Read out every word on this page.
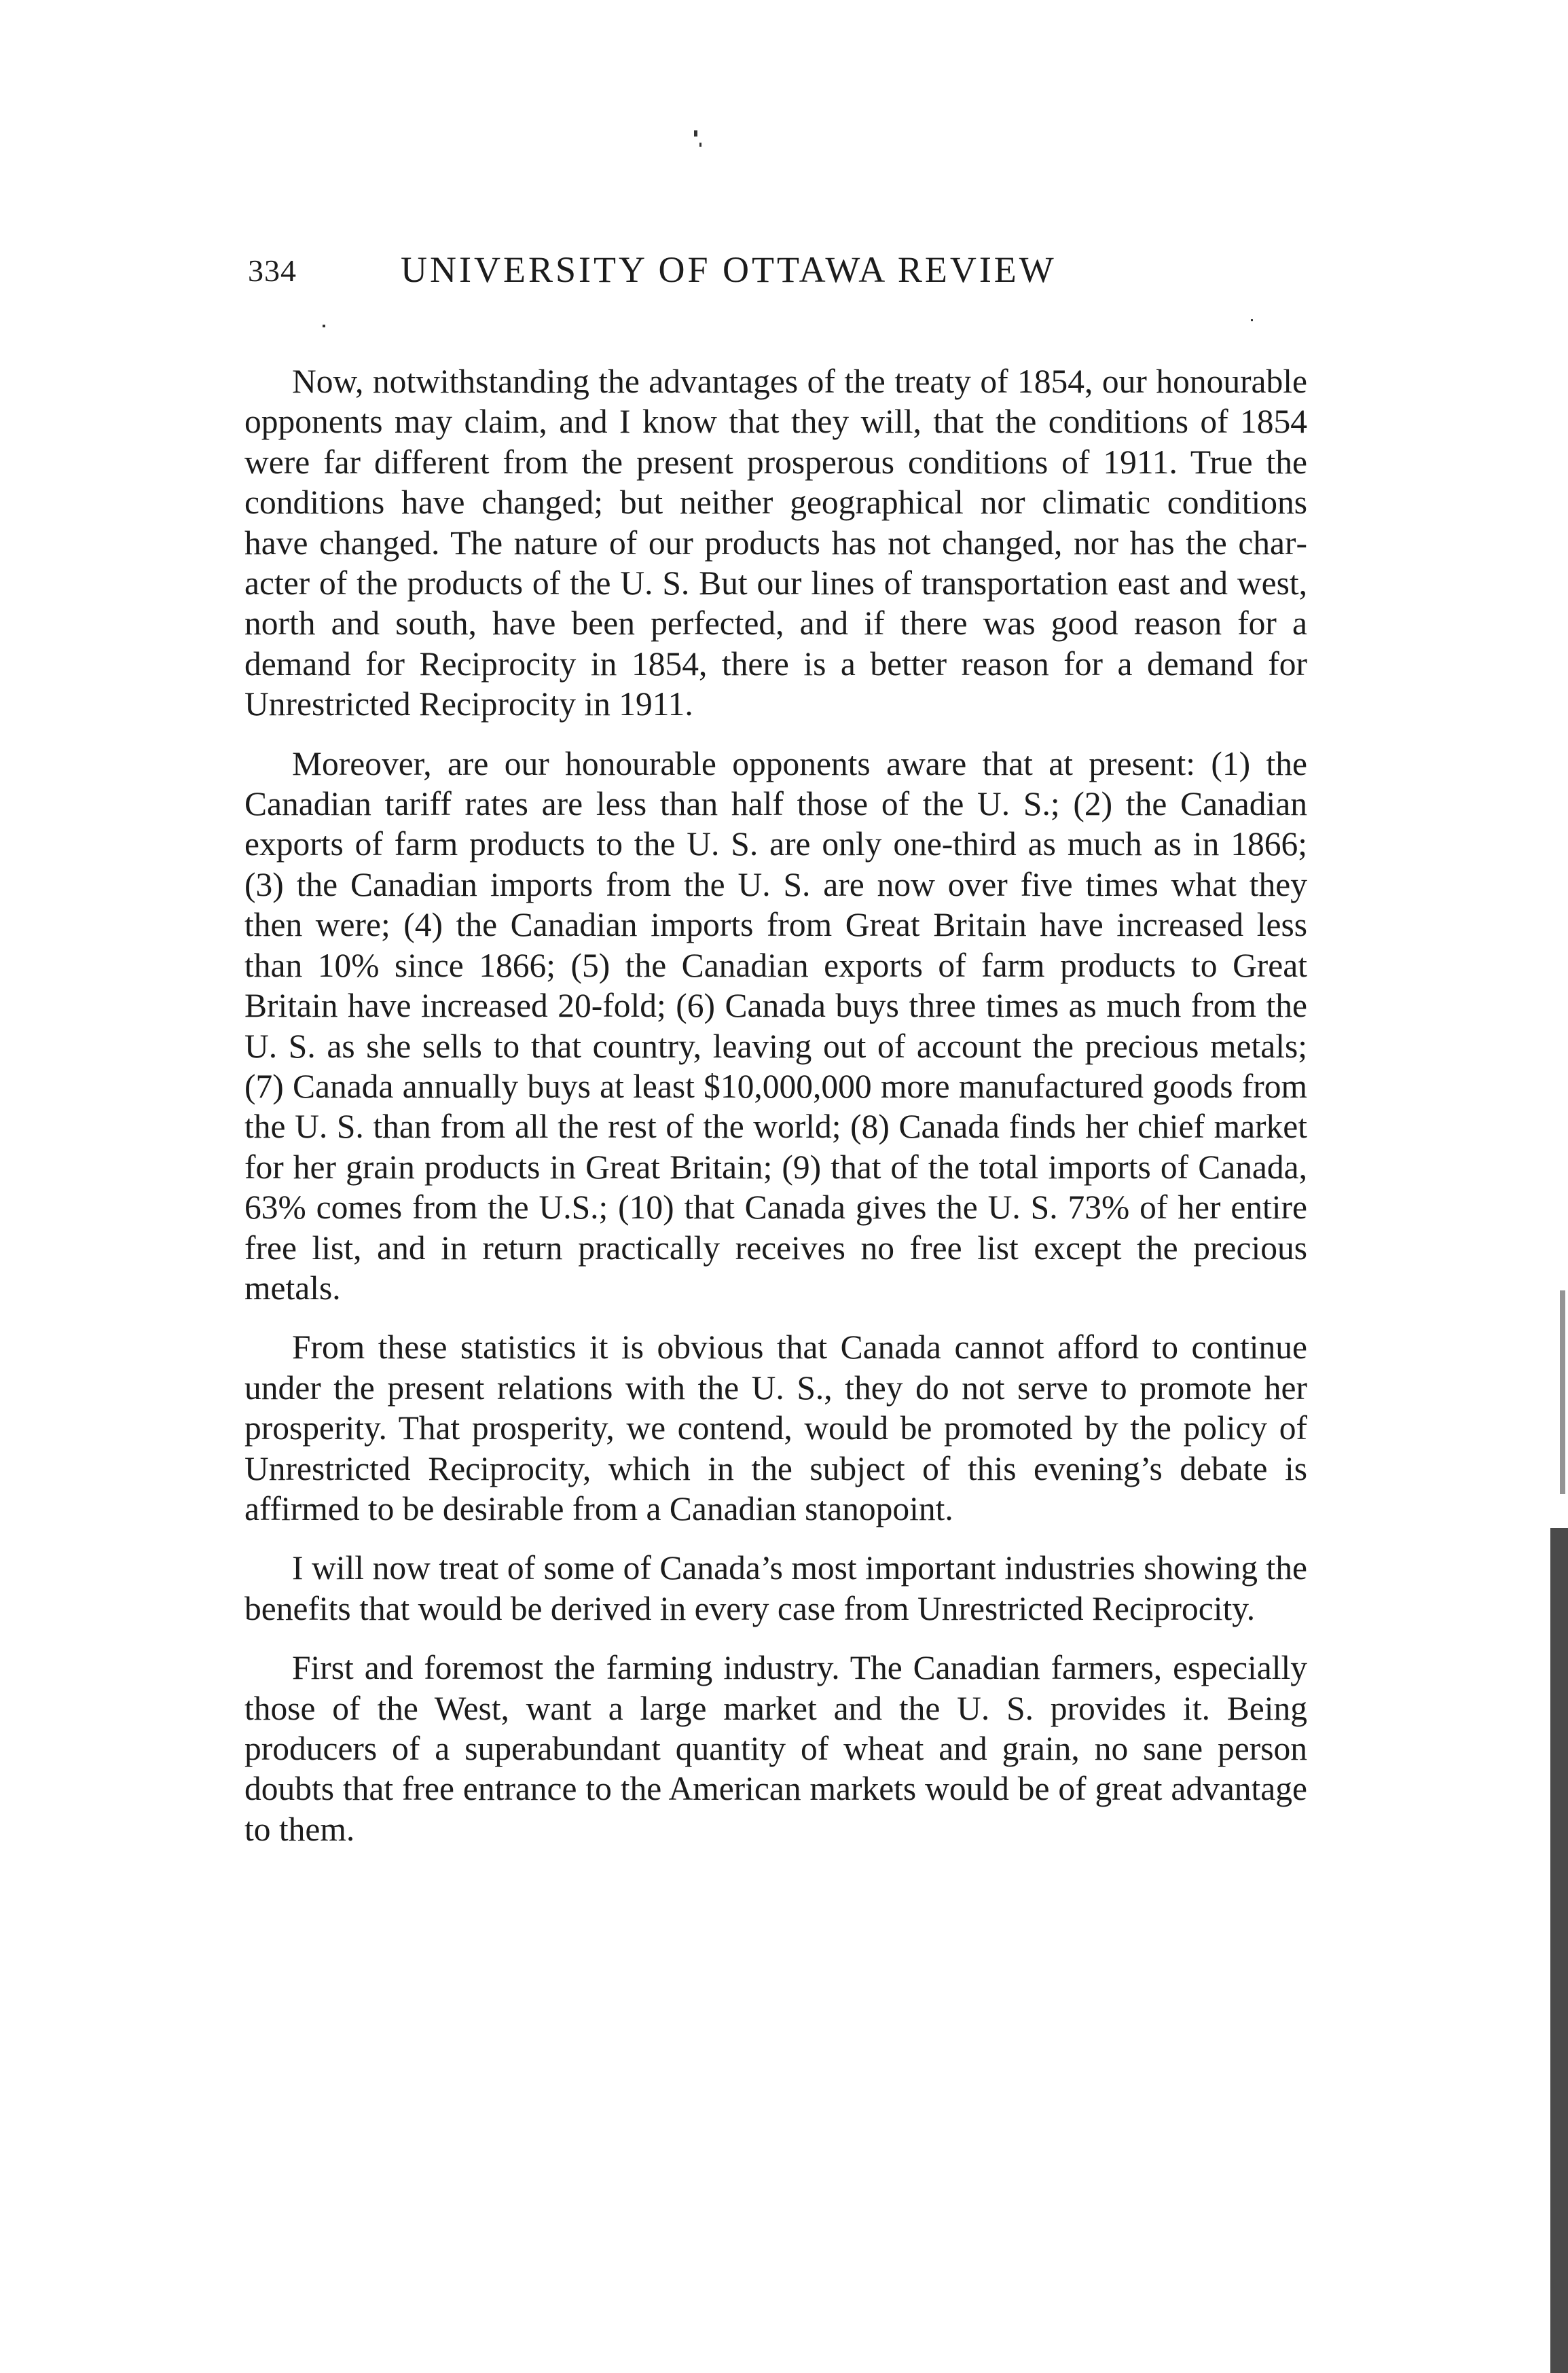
334	UNIVERSITY OF OTTAWA REVIEW

Now, notwithstanding the advantages of the treaty of 1854, our honourable opponents may claim, and I know that they will, that the conditions of 1854 were far different from the present prosperous conditions of 1911. True the conditions have changed; but neither geographical nor climatic conditions have changed. The nature of our products has not changed, nor has the character of the products of the U. S. But our lines of transportation east and west, north and south, have been perfected, and if there was good reason for a demand for Reciprocity in 1854, there is a better reason for a demand for Unrestricted Reciprocity in 1911.

Moreover, are our honourable opponents aware that at present: (1) the Canadian tariff rates are less than half those of the U. S.; (2) the Canadian exports of farm products to the U. S. are only one-third as much as in 1866; (3) the Canadian imports from the U. S. are now over five times what they then were; (4) the Canadian imports from Great Britain have increased less than 10% since 1866; (5) the Canadian exports of farm products to Great Britain have increased 20-fold; (6) Canada buys three times as much from the U. S. as she sells to that country, leaving out of account the precious metals; (7) Canada annually buys at least $10,000,000 more manufactured goods from the U. S. than from all the rest of the world; (8) Canada finds her chief market for her grain products in Great Britain; (9) that of the total imports of Canada, 63% comes from the U.S.; (10) that Canada gives the U. S. 73% of her entire free list, and in return practically receives no free list except the precious metals.

From these statistics it is obvious that Canada cannot afford to continue under the present relations with the U. S., they do not serve to promote her prosperity. That prosperity, we contend, would be promoted by the policy of Unrestricted Reciprocity, which in the subject of this evening’s debate is affirmed to be desirable from a Canadian stanopoint.

I will now treat of some of Canada’s most important industries showing the benefits that would be derived in every case from Unrestricted Reciprocity.

First and foremost the farming industry. The Canadian farmers, especially those of the West, want a large market and the U. S. provides it. Being producers of a superabundant quantity of wheat and grain, no sane person doubts that free entrance to the American markets would be of great advantage to them.
